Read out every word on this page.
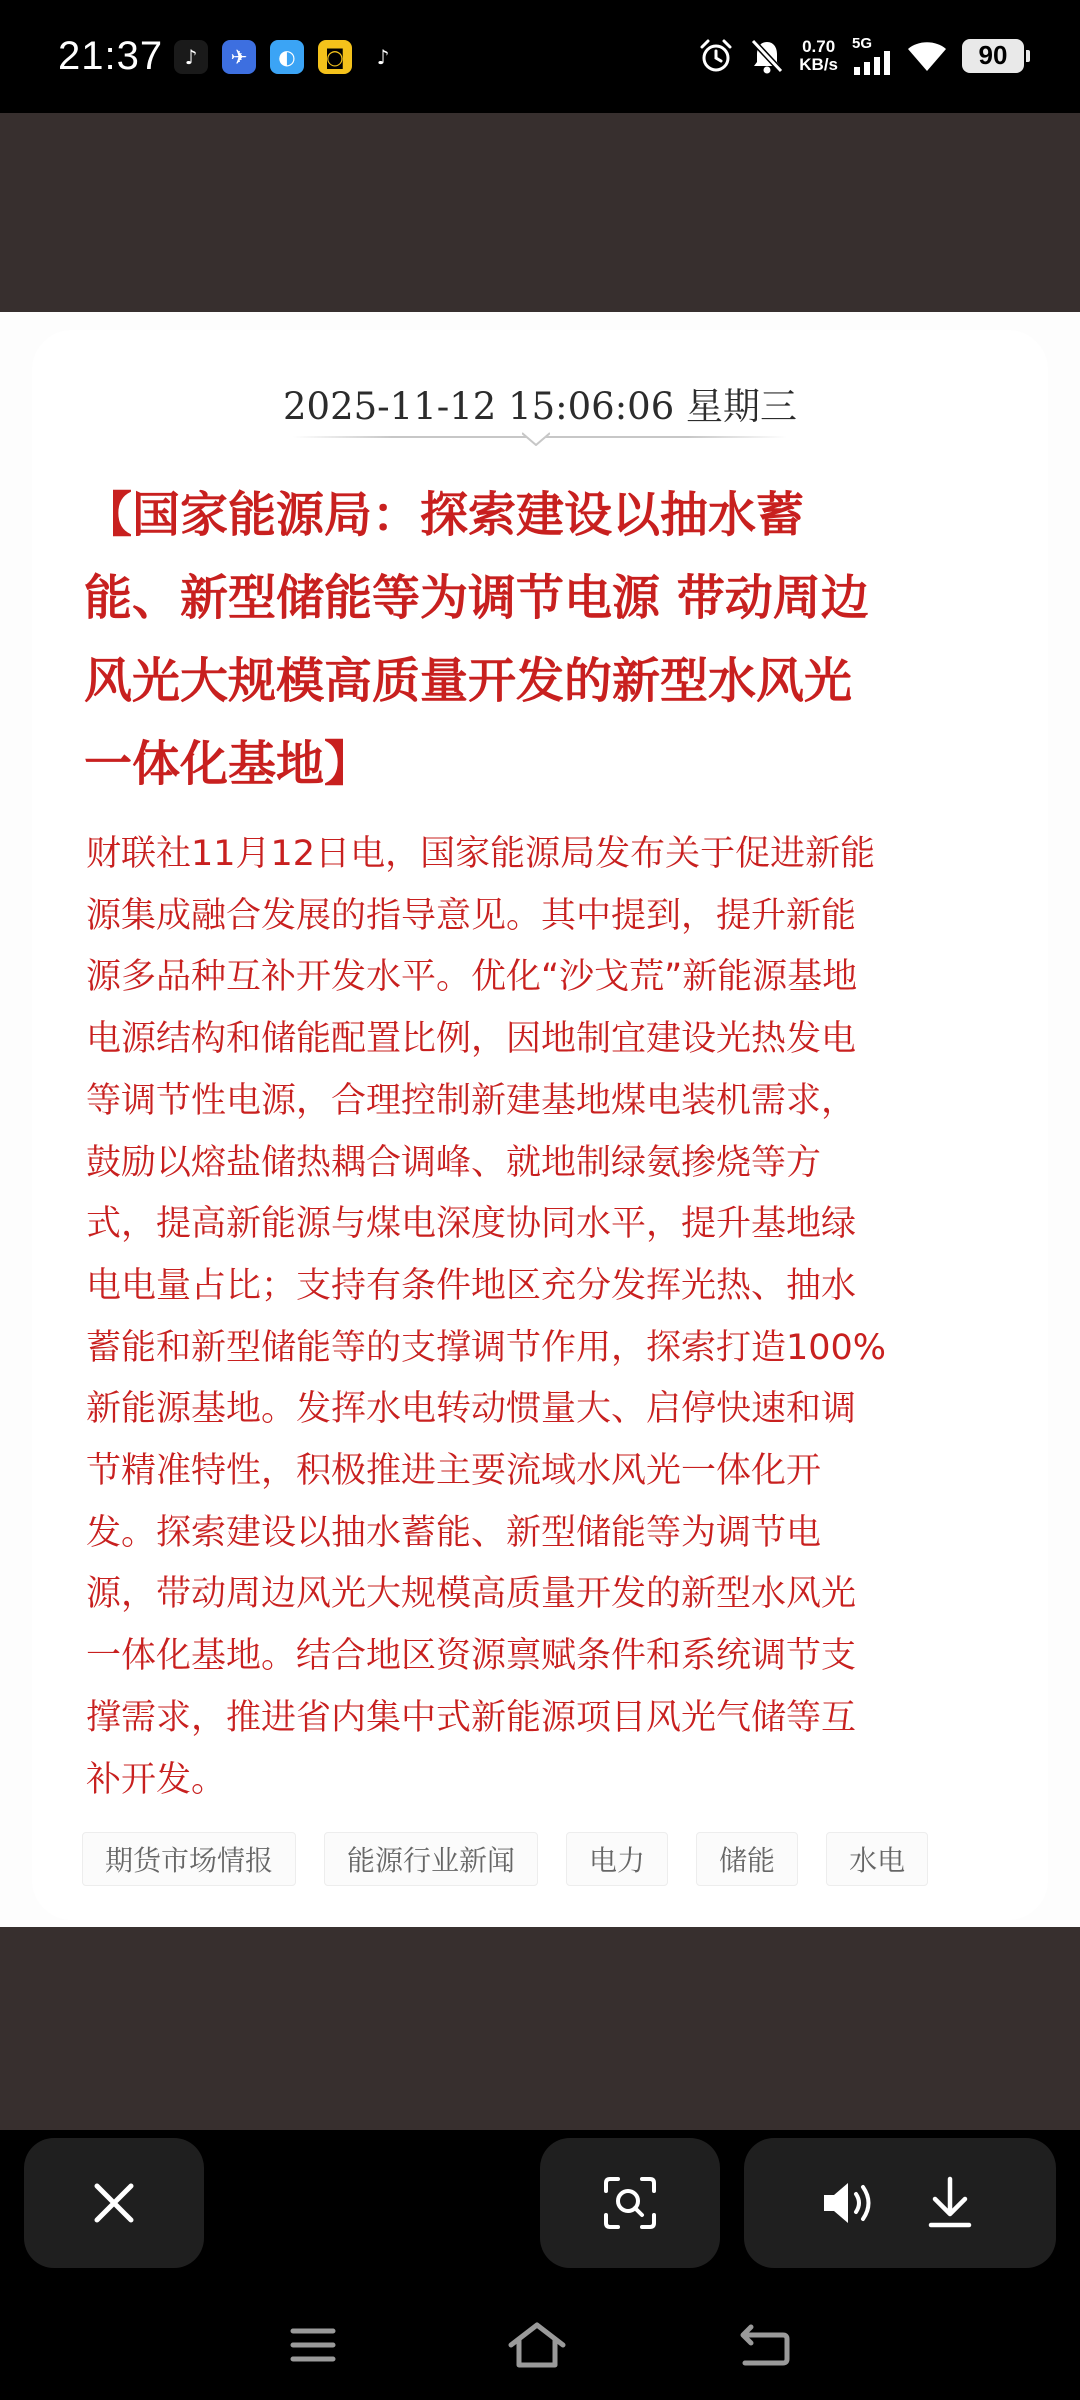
21:37	♪	✈	◐	◙	♪	0.70
KB/s
5G	90
2025-11-12 15:06:06 星期三
【国家能源局：探索建设以抽水蓄
能、新型储能等为调节电源 带动周边
风光大规模高质量开发的新型水风光
一体化基地】
财联社11月12日电，国家能源局发布关于促进新能
源集成融合发展的指导意见。其中提到，提升新能
源多品种互补开发水平。优化“沙戈荒”新能源基地
电源结构和储能配置比例，因地制宜建设光热发电
等调节性电源，合理控制新建基地煤电装机需求，
鼓励以熔盐储热耦合调峰、就地制绿氨掺烧等方
式，提高新能源与煤电深度协同水平，提升基地绿
电电量占比；支持有条件地区充分发挥光热、抽水
蓄能和新型储能等的支撑调节作用，探索打造100%
新能源基地。发挥水电转动惯量大、启停快速和调
节精准特性，积极推进主要流域水风光一体化开
发。探索建设以抽水蓄能、新型储能等为调节电
源，带动周边风光大规模高质量开发的新型水风光
一体化基地。结合地区资源禀赋条件和系统调节支
撑需求，推进省内集中式新能源项目风光气储等互
补开发。
期货市场情报	能源行业新闻	电力	储能	水电
